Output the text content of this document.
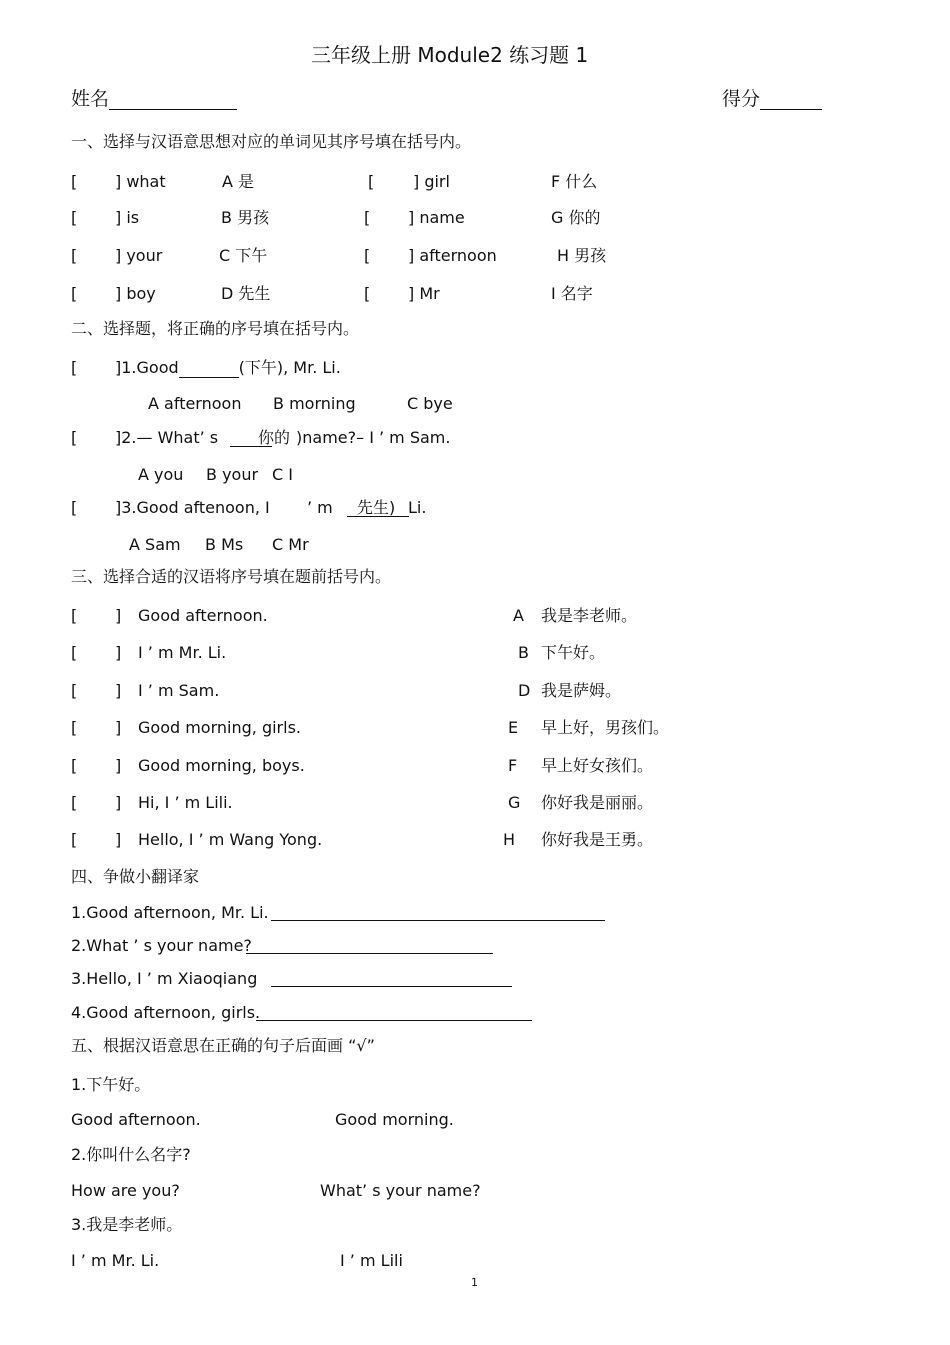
三年级上册 Module2 练习题 1
姓名	得分
一、选择与汉语意思想对应的单词见其序号填在括号内。
[ ] what	A 是	[ ] girl	F 什么
[ ] is	B 男孩	[ ] name	G 你的
[ ] your	C 下午	[ ] afternoon	H 男孩
[ ] boy	D 先生	[ ] Mr	I 名字
二、选择题，将正确的序号填在括号内。
[ ]1.Good	(下午), Mr. Li.
A afternoon B morning	C bye
[ ]2.— What’ s 你的 )name?– I ’ m Sam.
A you B your C I
[ ]3.Good aftenoon, I ’ m 先生) Li.
A Sam B Ms C Mr
三、选择合适的汉语将序号填在题前括号内。
[ ] Good afternoon.	A 我是李老师。
[ ] I ’ m Mr. Li.	B 下午好。
[ ] I ’ m Sam.	D 我是萨姆。
[ ] Good morning, girls.	E 早上好，男孩们。
[ ] Good morning, boys.	F 早上好女孩们。
[ ] Hi, I ’ m Lili.	G 你好我是丽丽。
[ ] Hello, I ’ m Wang Yong.	H 你好我是王勇。
四、争做小翻译家
1.Good afternoon, Mr. Li.
2.What ’ s your name?
3.Hello, I ’ m Xiaoqiang
4.Good afternoon, girls.
五、根据汉语意思在正确的句子后面画 “√”
1.下午好。
Good afternoon.	Good morning.
2.你叫什么名字?
How are you?	What’ s your name?
3.我是李老师。
I ’ m Mr. Li.	I ’ m Lili
1
